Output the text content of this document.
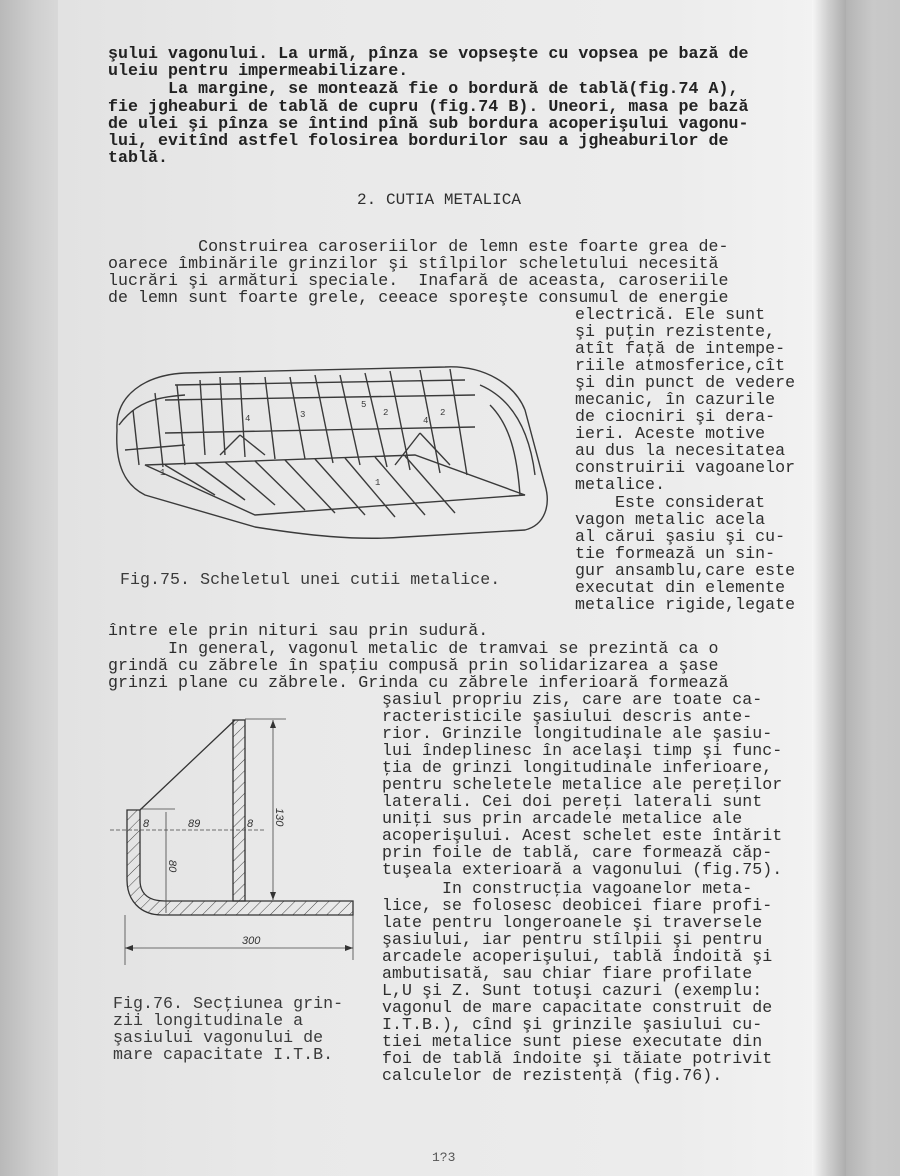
şului vagonului. La urmă, pînza se vopseşte cu vopsea pe bază de
uleiu pentru impermeabilizare.
La margine, se montează fie o bordură de tablă(fig.74 A),
fie jgheaburi de tablă de cupru (fig.74 B). Uneori, masa pe bază
de ulei şi pînza se întind pînă sub bordura acoperişului vagonu-
lui, evitînd astfel folosirea bordurilor sau a jgheaburilor de
tablă.
2. CUTIA METALICA
Construirea caroseriilor de lemn este foarte grea de-
oarece îmbinările grinzilor şi stîlpilor scheletului necesită
lucrări şi armături speciale.  Inafară de aceasta, caroseriile
de lemn sunt foarte grele, ceeace sporeşte consumul de energie
electrică. Ele sunt
şi puţin rezistente,
atît faţă de intempe-
riile atmosferice,cît
şi din punct de vedere
mecanic, în cazurile
de ciocniri şi dera-
ieri. Aceste motive
au dus la necesitatea
construirii vagoanelor
metalice.
Este considerat
vagon metalic acela
al cărui şasiu şi cu-
tie formează un sin-
gur ansamblu,care este
executat din elemente
metalice rigide,legate
1
1
2	2
3
4	4
5
Fig.75. Scheletul unei cutii metalice.
între ele prin nituri sau prin sudură.
In general, vagonul metalic de tramvai se prezintă ca o
grindă cu zăbrele în spaţiu compusă prin solidarizarea a şase
grinzi plane cu zăbrele. Grinda cu zăbrele inferioară formează
şasiul propriu zis, care are toate ca-
racteristicile şasiului descris ante-
rior. Grinzile longitudinale ale şasiu-
lui îndeplinesc în acelaşi timp şi func-
ţia de grinzi longitudinale inferioare,
pentru scheletele metalice ale pereţilor
laterali. Cei doi pereţi laterali sunt
uniţi sus prin arcadele metalice ale
acoperişului. Acest schelet este întărit
prin foile de tablă, care formează căp-
tuşeala exterioară a vagonului (fig.75).
In construcţia vagoanelor meta-
lice, se folosesc deobicei fiare profi-
late pentru longeroanele şi traversele
şasiului, iar pentru stîlpii şi pentru
arcadele acoperişului, tablă îndoită şi
ambutisată, sau chiar fiare profilate
L,U şi Z. Sunt totuşi cazuri (exemplu:
vagonul de mare capacitate construit de
I.T.B.), cînd şi grinzile şasiului cu-
tiei metalice sunt piese executate din
foi de tablă îndoite şi tăiate potrivit
calculelor de rezistenţă (fig.76).
8	89	8 130
80
300
Fig.76. Secţiunea grin-
zii longitudinale a
şasiului vagonului de
mare capacitate I.T.B.
1?3
